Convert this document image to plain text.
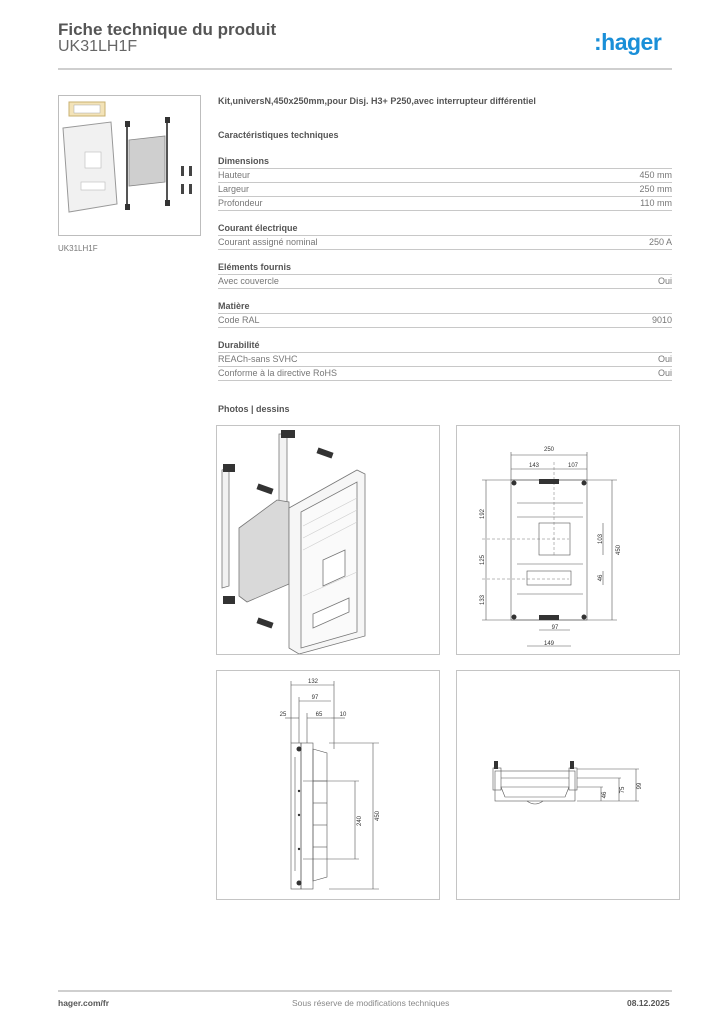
Fiche technique du produit
UK31LH1F	:hager
UK31LH1F
Kit,universN,450x250mm,pour Disj. H3+ P250,avec interrupteur différentiel
Caractéristiques techniques
Dimensions
Hauteur	450 mm
Largeur	250 mm
Profondeur	110 mm
Courant électrique
Courant assigné nominal	250 A
Eléments fournis
Avec couvercle	Oui
Matière
Code RAL	9010
Durabilité
REACh-sans SVHC	Oui
Conforme à la directive RoHS	Oui
Photos | dessins
250
143	107
97
149
192
125
133
103
46
450
132
97
25	65	10
240 450
46
75
99
hager.com/fr	Sous réserve de modifications techniques	08.12.2025
